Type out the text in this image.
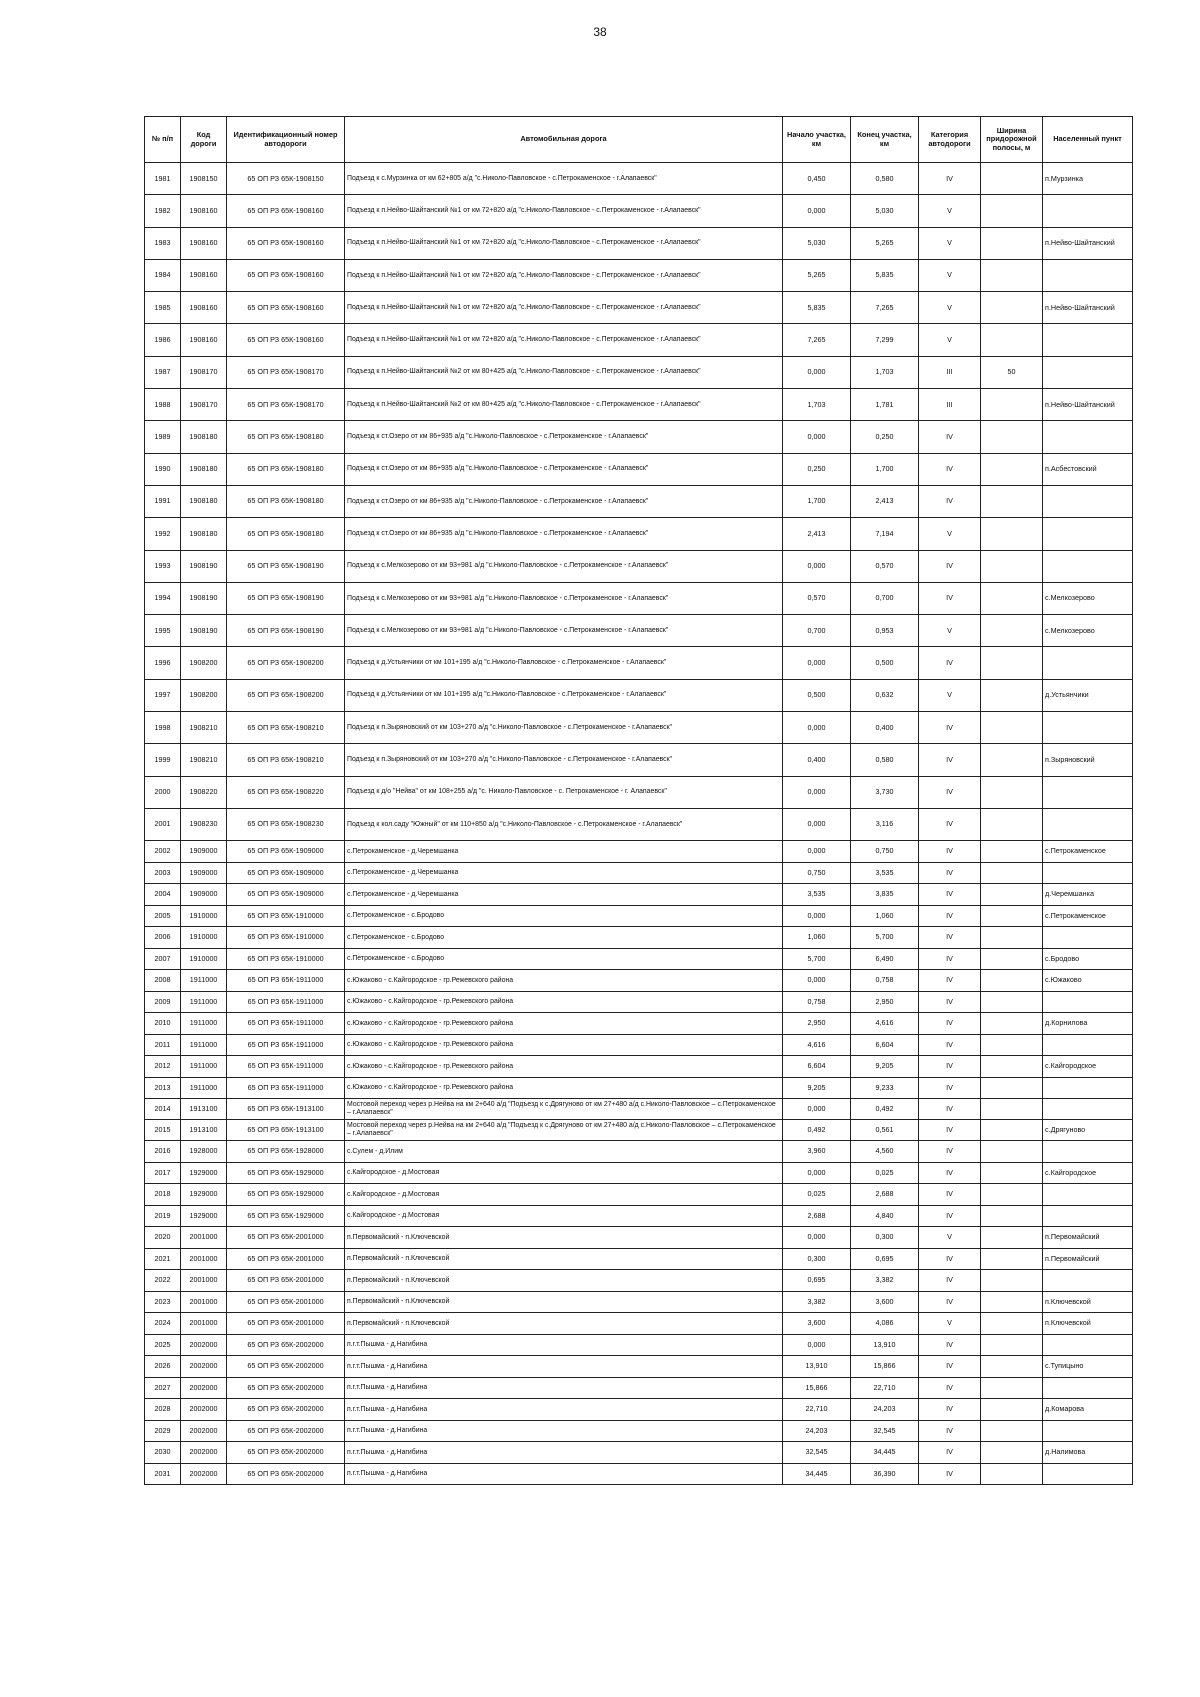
38
№ п/п	Код дороги	Идентификационный номер автодороги	Автомобильная дорога	Начало участка, км	Конец участка, км	Категория автодороги	Ширина придорожной полосы, м	Населенный пункт
1981	1908150	65 ОП РЗ 65К-1908150	Подъезд к с.Мурзинка от км 62+805 а/д "с.Николо-Павловское - с.Петрокаменское - г.Алапаевск"	0,450	0,580	IV		п.Мурзинка
1982	1908160	65 ОП РЗ 65К-1908160	Подъезд к п.Нейво-Шайтанский №1 от км 72+820 а/д "с.Николо-Павловское - с.Петрокаменское - г.Алапаевск"	0,000	5,030	V		
1983	1908160	65 ОП РЗ 65К-1908160	Подъезд к п.Нейво-Шайтанский №1 от км 72+820 а/д "с.Николо-Павловское - с.Петрокаменское - г.Алапаевск"	5,030	5,265	V		п.Нейво-Шайтанский
1984	1908160	65 ОП РЗ 65К-1908160	Подъезд к п.Нейво-Шайтанский №1 от км 72+820 а/д "с.Николо-Павловское - с.Петрокаменское - г.Алапаевск"	5,265	5,835	V		
1985	1908160	65 ОП РЗ 65К-1908160	Подъезд к п.Нейво-Шайтанский №1 от км 72+820 а/д "с.Николо-Павловское - с.Петрокаменское - г.Алапаевск"	5,835	7,265	V		п.Нейво-Шайтанский
1986	1908160	65 ОП РЗ 65К-1908160	Подъезд к п.Нейво-Шайтанский №1 от км 72+820 а/д "с.Николо-Павловское - с.Петрокаменское - г.Алапаевск"	7,265	7,299	V		
1987	1908170	65 ОП РЗ 65К-1908170	Подъезд к п.Нейво-Шайтанский №2 от км 80+425 а/д "с.Николо-Павловское - с.Петрокаменское - г.Алапаевск"	0,000	1,703	III	50	
1988	1908170	65 ОП РЗ 65К-1908170	Подъезд к п.Нейво-Шайтанский №2 от км 80+425 а/д "с.Николо-Павловское - с.Петрокаменское - г.Алапаевск"	1,703	1,781	III		п.Нейво-Шайтанский
1989	1908180	65 ОП РЗ 65К-1908180	Подъезд к ст.Озеро от км 86+935 а/д "с.Николо-Павловское - с.Петрокаменское - г.Алапаевск"	0,000	0,250	IV		
1990	1908180	65 ОП РЗ 65К-1908180	Подъезд к ст.Озеро от км 86+935 а/д "с.Николо-Павловское - с.Петрокаменское - г.Алапаевск"	0,250	1,700	IV		п.Асбестовский
1991	1908180	65 ОП РЗ 65К-1908180	Подъезд к ст.Озеро от км 86+935 а/д "с.Николо-Павловское - с.Петрокаменское - г.Алапаевск"	1,700	2,413	IV		
1992	1908180	65 ОП РЗ 65К-1908180	Подъезд к ст.Озеро от км 86+935 а/д "с.Николо-Павловское - с.Петрокаменское - г.Алапаевск"	2,413	7,194	V		
1993	1908190	65 ОП РЗ 65К-1908190	Подъезд к с.Мелкозерово от км 93+981 а/д "с.Николо-Павловское - с.Петрокаменское - г.Алапаевск"	0,000	0,570	IV		
1994	1908190	65 ОП РЗ 65К-1908190	Подъезд к с.Мелкозерово от км 93+981 а/д "с.Николо-Павловское - с.Петрокаменское - г.Алапаевск"	0,570	0,700	IV		с.Мелкозерово
1995	1908190	65 ОП РЗ 65К-1908190	Подъезд к с.Мелкозерово от км 93+981 а/д "с.Николо-Павловское - с.Петрокаменское - г.Алапаевск"	0,700	0,953	V		с.Мелкозерово
1996	1908200	65 ОП РЗ 65К-1908200	Подъезд к д.Устьянчики от км 101+195 а/д "с.Николо-Павловское - с.Петрокаменское - г.Алапаевск"	0,000	0,500	IV		
1997	1908200	65 ОП РЗ 65К-1908200	Подъезд к д.Устьянчики от км 101+195 а/д "с.Николо-Павловское - с.Петрокаменское - г.Алапаевск"	0,500	0,632	V		д.Устьянчики
1998	1908210	65 ОП РЗ 65К-1908210	Подъезд к п.Зыряновский от км 103+270 а/д "с.Николо-Павловское - с.Петрокаменское - г.Алапаевск"	0,000	0,400	IV		
1999	1908210	65 ОП РЗ 65К-1908210	Подъезд к п.Зыряновский от км 103+270 а/д "с.Николо-Павловское - с.Петрокаменское - г.Алапаевск"	0,400	0,580	IV		п.Зыряновский
2000	1908220	65 ОП РЗ 65К-1908220	Подъезд к д/о "Нейва" от км 108+255 а/д "с. Николо-Павловское - с. Петрокаменское - г. Алапаевск"	0,000	3,730	IV		
2001	1908230	65 ОП РЗ 65К-1908230	Подъезд к кол.саду "Южный" от км 110+850 а/д "с.Николо-Павловское - с.Петрокаменское - г.Алапаевск"	0,000	3,116	IV		
2002	1909000	65 ОП РЗ 65К-1909000	с.Петрокаменское - д.Черемшанка	0,000	0,750	IV		с.Петрокаменское
2003	1909000	65 ОП РЗ 65К-1909000	с.Петрокаменское - д.Черемшанка	0,750	3,535	IV		
2004	1909000	65 ОП РЗ 65К-1909000	с.Петрокаменское - д.Черемшанка	3,535	3,835	IV		д.Черемшанка
2005	1910000	65 ОП РЗ 65К-1910000	с.Петрокаменское - с.Бродово	0,000	1,060	IV		с.Петрокаменское
2006	1910000	65 ОП РЗ 65К-1910000	с.Петрокаменское - с.Бродово	1,060	5,700	IV		
2007	1910000	65 ОП РЗ 65К-1910000	с.Петрокаменское - с.Бродово	5,700	6,490	IV		с.Бродово
2008	1911000	65 ОП РЗ 65К-1911000	с.Южаково - с.Кайгородское - гр.Режевского района	0,000	0,758	IV		с.Южаково
2009	1911000	65 ОП РЗ 65К-1911000	с.Южаково - с.Кайгородское - гр.Режевского района	0,758	2,950	IV		
2010	1911000	65 ОП РЗ 65К-1911000	с.Южаково - с.Кайгородское - гр.Режевского района	2,950	4,616	IV		д.Корнилова
2011	1911000	65 ОП РЗ 65К-1911000	с.Южаково - с.Кайгородское - гр.Режевского района	4,616	6,604	IV		
2012	1911000	65 ОП РЗ 65К-1911000	с.Южаково - с.Кайгородское - гр.Режевского района	6,604	9,205	IV		с.Кайгородское
2013	1911000	65 ОП РЗ 65К-1911000	с.Южаково - с.Кайгородское - гр.Режевского района	9,205	9,233	IV		
2014	1913100	65 ОП РЗ 65К-1913100	Мостовой переход через р.Нейва на км 2+640 а/д "Подъезд к с.Дрягуново от км 27+480 а/д с.Николо-Павловское – с.Петрокаменское – г.Алапаевск"	0,000	0,492	IV		
2015	1913100	65 ОП РЗ 65К-1913100	Мостовой переход через р.Нейва на км 2+640 а/д "Подъезд к с.Дрягуново от км 27+480 а/д с.Николо-Павловское – с.Петрокаменское – г.Алапаевск"	0,492	0,561	IV		с.Дрягуново
2016	1928000	65 ОП РЗ 65К-1928000	с.Сулем - д.Илим	3,960	4,560	IV		
2017	1929000	65 ОП РЗ 65К-1929000	с.Кайгородское - д.Мостовая	0,000	0,025	IV		с.Кайгородское
2018	1929000	65 ОП РЗ 65К-1929000	с.Кайгородское - д.Мостовая	0,025	2,688	IV		
2019	1929000	65 ОП РЗ 65К-1929000	с.Кайгородское - д.Мостовая	2,688	4,840	IV		
2020	2001000	65 ОП РЗ 65К-2001000	п.Первомайский - п.Ключевской	0,000	0,300	V		п.Первомайский
2021	2001000	65 ОП РЗ 65К-2001000	п.Первомайский - п.Ключевской	0,300	0,695	IV		п.Первомайский
2022	2001000	65 ОП РЗ 65К-2001000	п.Первомайский - п.Ключевской	0,695	3,382	IV		
2023	2001000	65 ОП РЗ 65К-2001000	п.Первомайский - п.Ключевской	3,382	3,600	IV		п.Ключевской
2024	2001000	65 ОП РЗ 65К-2001000	п.Первомайский - п.Ключевской	3,600	4,086	V		п.Ключевской
2025	2002000	65 ОП РЗ 65К-2002000	п.г.т.Пышма - д.Нагибина	0,000	13,910	IV		
2026	2002000	65 ОП РЗ 65К-2002000	п.г.т.Пышма - д.Нагибина	13,910	15,866	IV		с.Тупицыно
2027	2002000	65 ОП РЗ 65К-2002000	п.г.т.Пышма - д.Нагибина	15,866	22,710	IV		
2028	2002000	65 ОП РЗ 65К-2002000	п.г.т.Пышма - д.Нагибина	22,710	24,203	IV		д.Комарова
2029	2002000	65 ОП РЗ 65К-2002000	п.г.т.Пышма - д.Нагибина	24,203	32,545	IV		
2030	2002000	65 ОП РЗ 65К-2002000	п.г.т.Пышма - д.Нагибина	32,545	34,445	IV		д.Налимова
2031	2002000	65 ОП РЗ 65К-2002000	п.г.т.Пышма - д.Нагибина	34,445	36,390	IV		
